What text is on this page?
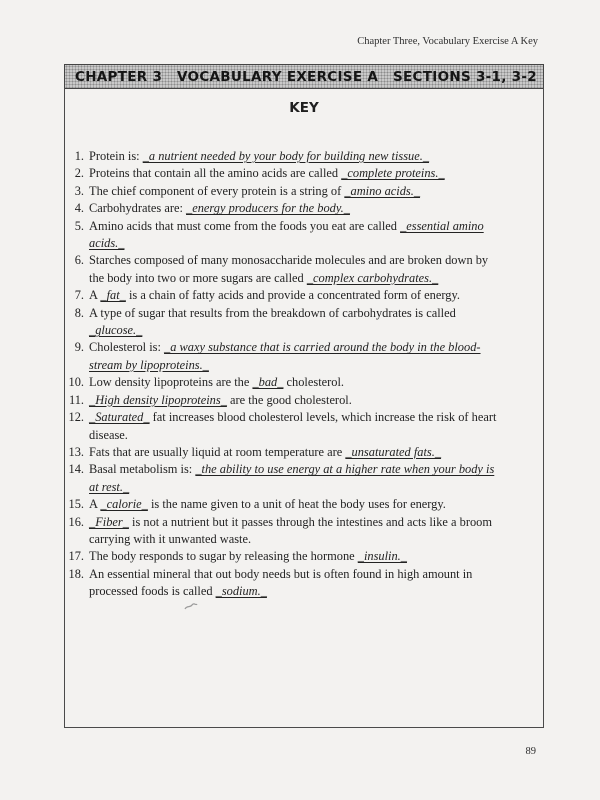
Chapter Three, Vocabulary Exercise A Key
CHAPTER 3 VOCABULARY EXERCISE A SECTIONS 3-1, 3-2
KEY
1. Protein is: _a nutrient needed by your body for building new tissue._
2. Proteins that contain all the amino acids are called _complete proteins._
3. The chief component of every protein is a string of _amino acids._
4. Carbohydrates are: _energy producers for the body._
5. Amino acids that must come from the foods you eat are called _essential amino acids._
6. Starches composed of many monosaccharide molecules and are broken down by the body into two or more sugars are called _complex carbohydrates._
7. A _fat_ is a chain of fatty acids and provide a concentrated form of energy.
8. A type of sugar that results from the breakdown of carbohydrates is called _glucose._
9. Cholesterol is: _a waxy substance that is carried around the body in the blood-stream by lipoproteins._
10. Low density lipoproteins are the _bad_ cholesterol.
11. _High density lipoproteins_ are the good cholesterol.
12. _Saturated_ fat increases blood cholesterol levels, which increase the risk of heart disease.
13. Fats that are usually liquid at room temperature are _unsaturated fats._
14. Basal metabolism is: _the ability to use energy at a higher rate when your body is at rest._
15. A _calorie_ is the name given to a unit of heat the body uses for energy.
16. _Fiber_ is not a nutrient but it passes through the intestines and acts like a broom carrying with it unwanted waste.
17. The body responds to sugar by releasing the hormone _insulin._
18. An essential mineral that out body needs but is often found in high amount in processed foods is called _sodium._
89
